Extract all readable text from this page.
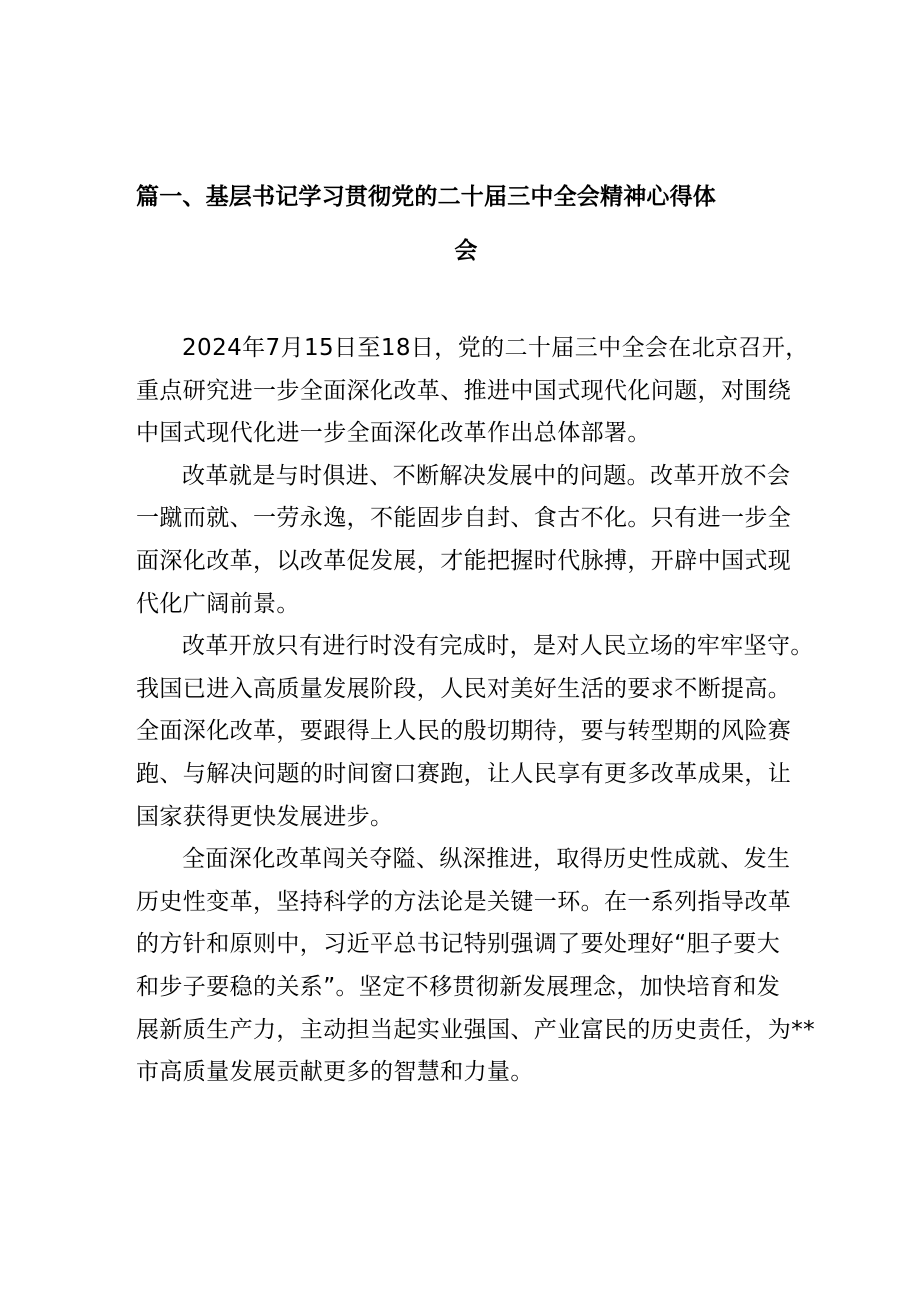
篇一、基层书记学习贯彻党的二十届三中全会精神心得体
会

2024年7月15日至18日，党的二十届三中全会在北京召开，
重点研究进一步全面深化改革、推进中国式现代化问题，对围绕
中国式现代化进一步全面深化改革作出总体部署。

改革就是与时俱进、不断解决发展中的问题。改革开放不会
一蹴而就、一劳永逸，不能固步自封、食古不化。只有进一步全
面深化改革，以改革促发展，才能把握时代脉搏，开辟中国式现
代化广阔前景。

改革开放只有进行时没有完成时，是对人民立场的牢牢坚守。
我国已进入高质量发展阶段，人民对美好生活的要求不断提高。
全面深化改革，要跟得上人民的殷切期待，要与转型期的风险赛
跑、与解决问题的时间窗口赛跑，让人民享有更多改革成果，让
国家获得更快发展进步。

全面深化改革闯关夺隘、纵深推进，取得历史性成就、发生
历史性变革，坚持科学的方法论是关键一环。在一系列指导改革
的方针和原则中，习近平总书记特别强调了要处理好“胆子要大
和步子要稳的关系”。坚定不移贯彻新发展理念，加快培育和发
展新质生产力，主动担当起实业强国、产业富民的历史责任，为**
市高质量发展贡献更多的智慧和力量。
